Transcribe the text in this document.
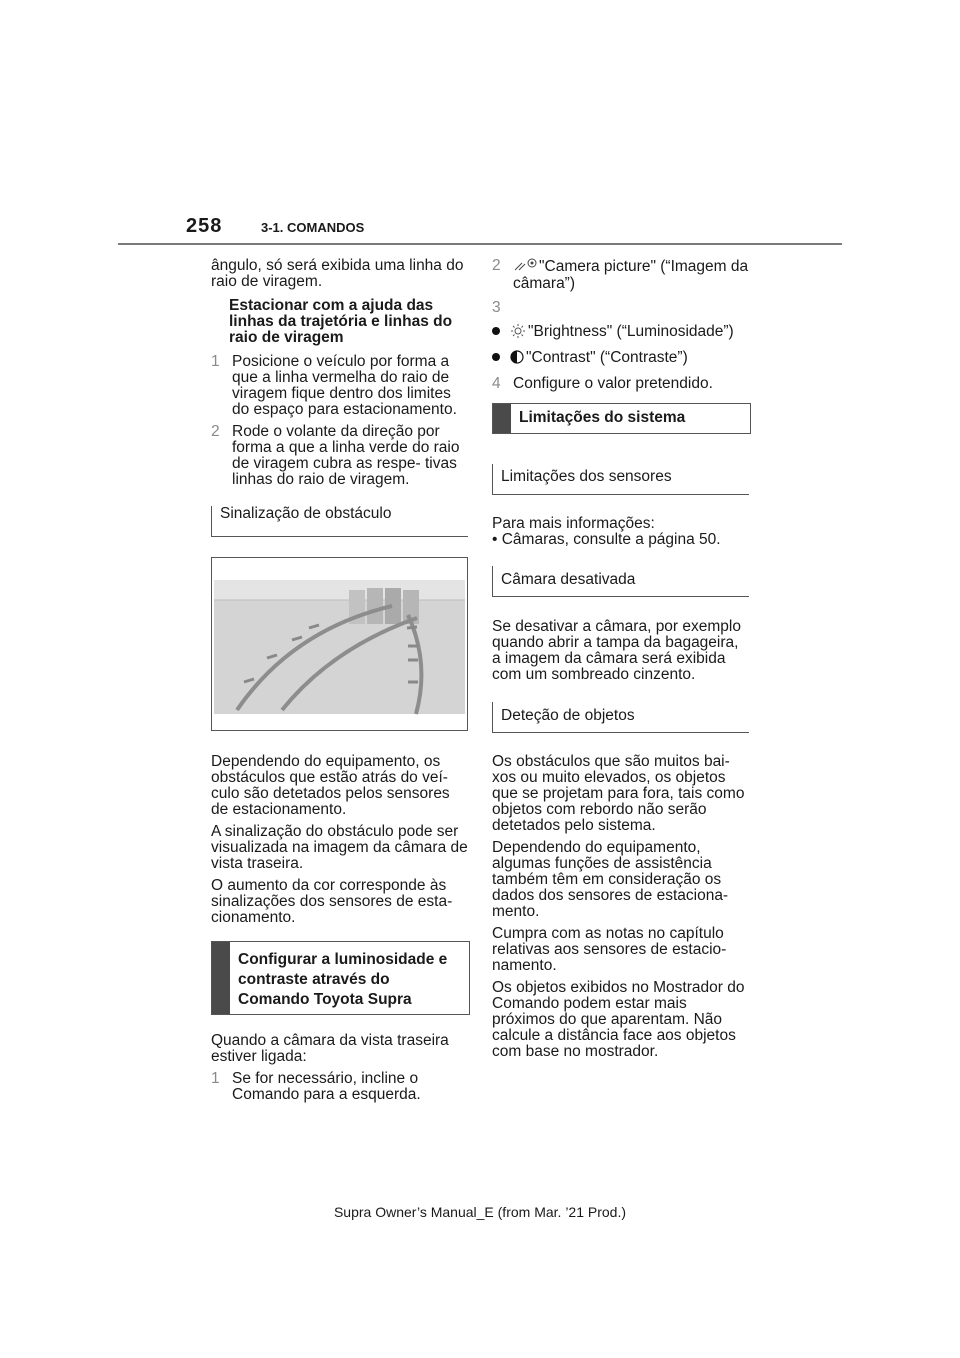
258	3-1. COMANDOS

ângulo, só será exibida uma linha do raio de viragem.

Estacionar com a ajuda das linhas da trajetória e linhas do raio de viragem

1 Posicione o veículo por forma a que a linha vermelha do raio de viragem fique dentro dos limites do espaço para estacionamento.
2 Rode o volante da direção por forma a que a linha verde do raio de viragem cubra as respe- tivas linhas do raio de viragem.
Sinalização de obstáculo

Dependendo do equipamento, os obstáculos que estão atrás do veí- culo são detetados pelos sensores de estacionamento.

A sinalização do obstáculo pode ser visualizada na imagem da câmara de vista traseira.

O aumento da cor corresponde às sinalizações dos sensores de esta- cionamento.

Configurar a luminosidade e contraste através do Comando Toyota Supra

Quando a câmara da vista traseira estiver ligada:

1 Se for necessário, incline o Comando para a esquerda.
2 "Camera picture" (“Imagem da câmara”)
3
"Brightness" (“Luminosidade”)
"Contrast" (“Contraste”)
4 Configure o valor pretendido.
Limitações do sistema
Limitações dos sensores

Para mais informações:

• Câmaras, consulte a página 50.

Câmara desativada

Se desativar a câmara, por exemplo quando abrir a tampa da bagageira, a imagem da câmara será exibida com um sombreado cinzento.

Deteção de objetos

Os obstáculos que são muitos bai- xos ou muito elevados, os objetos que se projetam para fora, tais como objetos com rebordo não serão detetados pelo sistema.

Dependendo do equipamento, algumas funções de assistência também têm em consideração os dados dos sensores de estaciona- mento.

Cumpra com as notas no capítulo relativas aos sensores de estacio- namento.

Os objetos exibidos no Mostrador do Comando podem estar mais próximos do que aparentam. Não calcule a distância face aos objetos com base no mostrador.

Supra Owner’s Manual_E (from Mar. ’21 Prod.)
